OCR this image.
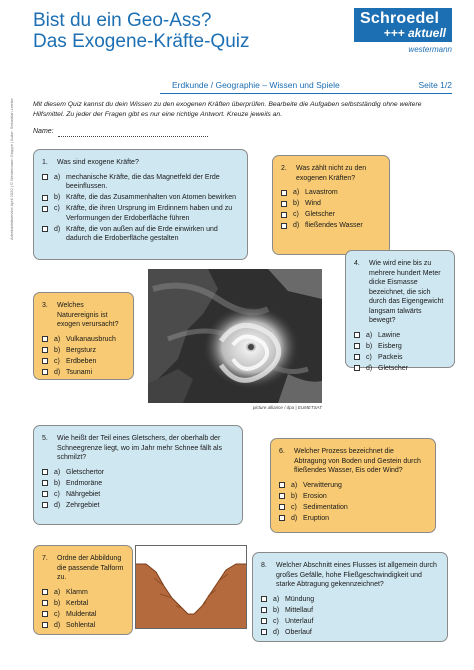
Bist du ein Geo-Ass?
Das Exogene-Kräfte-Quiz
Schroedel
+++ aktuell
westermann
Erdkunde / Geographie – Wissen und Spiele	Seite 1/2
Mit diesem Quiz kannst du dein Wissen zu den exogenen Kräften überprüfen. Bearbeite die Aufgaben selbstständig ohne weitere Hilfsmittel. Zu jeder der Fragen gibt es nur eine richtige Antwort. Kreuze jeweils an.
Name:
Arbeitsblattservice April 2020 | © Westermann Gruppe | Autor: Sebastian Lemke	1.	Was sind exogene Kräfte?
a) mechanische Kräfte, die das Magnetfeld der Erde beeinflussen.
b) Kräfte, die das Zusammenhalten von Atomen bewirken
c) Kräfte, die ihren Ursprung im Erdinnern haben und zu Verformungen der Erdoberfläche führen
d) Kräfte, die von außen auf die Erde einwirken und dadurch die Erdoberfläche gestalten
2.	Was zählt nicht zu den exogenen Kräften?
a) Lavastrom
b) Wind
c) Gletscher
d) fließendes Wasser
3.	Welches Naturereignis ist exogen verursacht?
a) Vulkanausbruch
b) Bergsturz
c) Erdbeben
d) Tsunami
picture alliance / dpa | EUMETSAT
4.	Wie wird eine bis zu mehrere hundert Meter dicke Eismasse bezeichnet, die sich durch das Eigengewicht langsam talwärts bewegt?
a) Lawine
b) Eisberg
c) Packeis
d) Gletscher
5.	Wie heißt der Teil eines Gletschers, der oberhalb der Schneegrenze liegt, wo im Jahr mehr Schnee fällt als schmilzt?
a) Gletschertor
b) Endmoräne
c) Nährgebiet
d) Zehrgebiet
6.	Welcher Prozess bezeichnet die Abtragung von Boden und Gestein durch fließendes Wasser, Eis oder Wind?
a) Verwitterung
b) Erosion
c) Sedimentation
d) Eruption
7.	Ordne der Abbildung die passende Talform zu.
a) Klamm
b) Kerbtal
c) Muldental
d) Sohlental
8.	Welcher Abschnitt eines Flusses ist allgemein durch großes Gefälle, hohe Fließgeschwindigkeit und starke Abtragung gekennzeichnet?
a) Mündung
b) Mittellauf
c) Unterlauf
d) Oberlauf
